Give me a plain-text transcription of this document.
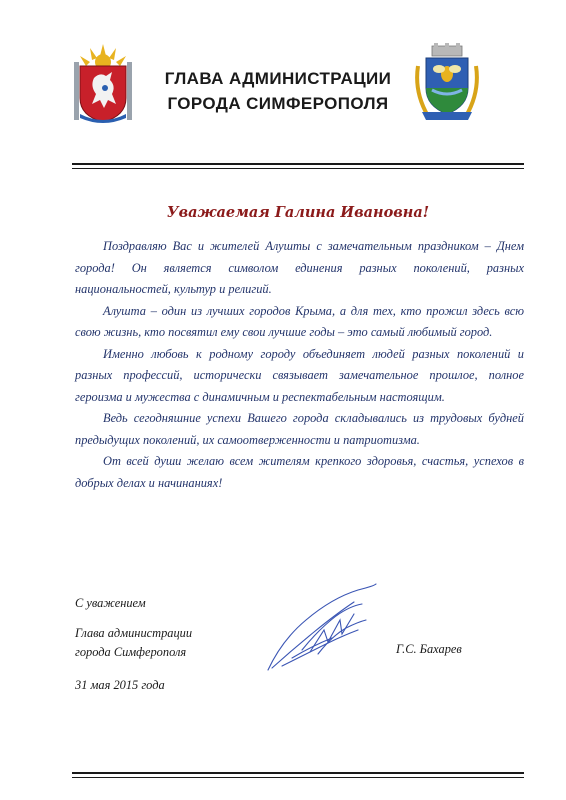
ГЛАВА АДМИНИСТРАЦИИ
ГОРОДА СИМФЕРОПОЛЯ
Уважаемая Галина Ивановна!

Поздравляю Вас и жителей Алушты с замечательным праздником – Днем города! Он является символом единения разных поколений, разных национальностей, культур и религий.

Алушта – один из лучших городов Крыма, а для тех, кто прожил здесь всю свою жизнь, кто посвятил ему свои лучшие годы – это самый любимый город.

Именно любовь к родному городу объединяет людей разных поколений и разных профессий, исторически связывает замечательное прошлое, полное героизма и мужества с динамичным и респектабельным настоящим.

Ведь сегодняшние успехи Вашего города складывались из трудовых будней предыдущих поколений, их самоотверженности и патриотизма.

От всей души желаю всем жителям крепкого здоровья, счастья, успехов в добрых делах и начинаниях!

С уважением
Глава администрации
города Симферополя	Г.С. Бахарев
31 мая 2015 года
